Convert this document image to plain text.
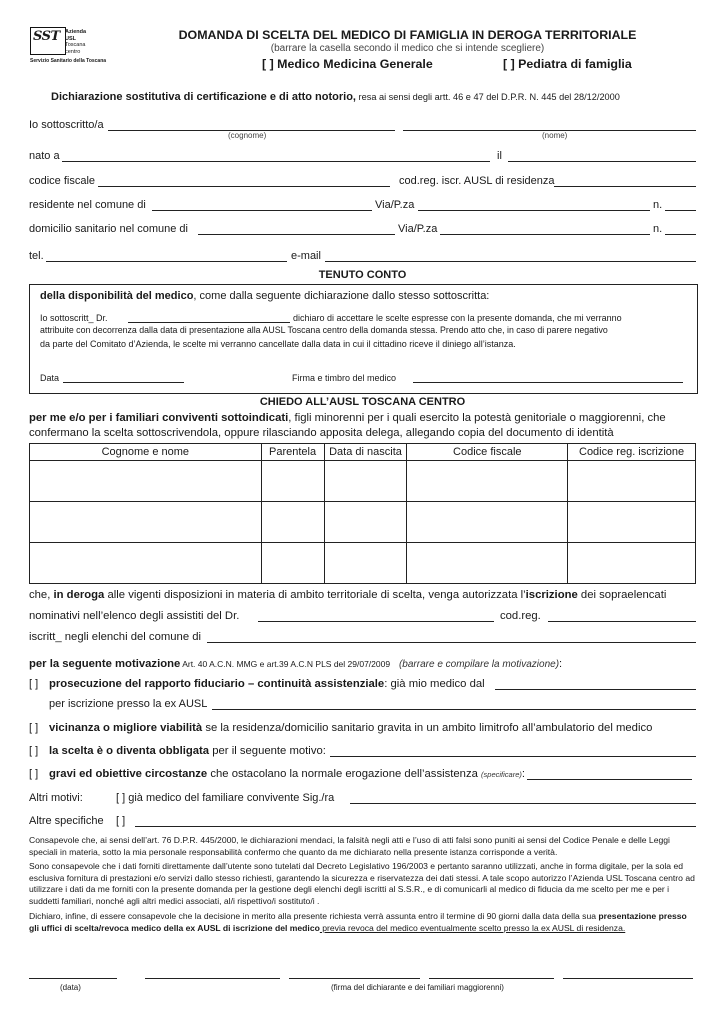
SST Azienda
USL
Toscana
centro
Servizio Sanitario della Toscana
DOMANDA DI SCELTA DEL MEDICO DI FAMIGLIA IN DEROGA TERRITORIALE
(barrare la casella secondo il medico che si intende scegliere)
[ ] Medico Medicina Generale	[ ] Pediatra di famiglia
Dichiarazione sostitutiva di certificazione e di atto notorio, resa ai sensi degli artt. 46 e 47 del D.P.R. N. 445 del 28/12/2000
Io sottoscritto/a
(cognome)	(nome)
nato a	il
codice fiscale	cod.reg. iscr. AUSL di residenza
residente nel comune di	Via/P.za	n.
domicilio sanitario nel comune di	Via/P.za	n.
tel.	e-mail
TENUTO CONTO
della disponibilità del medico, come dalla seguente dichiarazione dallo stesso sottoscritta:
Io sottoscritt_ Dr.	dichiaro di accettare le scelte espresse con la presente domanda, che mi verranno
attribuite con decorrenza dalla data di presentazione alla AUSL Toscana centro della domanda stessa. Prendo atto che, in caso di parere negativo
da parte del Comitato d’Azienda, le scelte mi verranno cancellate dalla data in cui il cittadino riceve il diniego all’istanza.
Data	Firma e timbro del medico
CHIEDO ALL’AUSL TOSCANA CENTRO
per me e/o per i familiari conviventi sottoindicati, figli minorenni per i quali esercito la potestà genitoriale o maggiorenni, che
confermano la scelta sottoscrivendola, oppure rilasciando apposita delega, allegando copia del documento di identità
Cognome e nome	Parentela	Data di nascita	Codice fiscale	Codice reg. iscrizione

che, in deroga alle vigenti disposizioni in materia di ambito territoriale di scelta, venga autorizzata l’iscrizione dei sopraelencati
nominativi nell’elenco degli assistiti del Dr.	cod.reg.
iscritt_ negli elenchi del comune di
per la seguente motivazione Art. 40 A.C.N. MMG e art.39 A.C.N PLS del 29/07/2009 (barrare e compilare la motivazione):
[ ] prosecuzione del rapporto fiduciario – continuità assistenziale: già mio medico dal
per iscrizione presso la ex AUSL
[ ] vicinanza o migliore viabilità se la residenza/domicilio sanitario gravita in un ambito limitrofo all’ambulatorio del medico
[ ] la scelta è o diventa obbligata per il seguente motivo:
[ ] gravi ed obiettive circostanze che ostacolano la normale erogazione dell’assistenza (specificare):
Altri motivi:	[ ] già medico del familiare convivente Sig./ra
Altre specifiche [ ]
Consapevole che, ai sensi dell’art. 76 D.P.R. 445/2000, le dichiarazioni mendaci, la falsità negli atti e l’uso di atti falsi sono puniti ai sensi del Codice Penale e delle Leggi speciali in materia, sotto la mia personale responsabilità confermo che quanto da me dichiarato nella presente istanza corrisponde a verità.
Sono consapevole che i dati forniti direttamente dall’utente sono tutelati dal Decreto Legislativo 196/2003 e pertanto saranno utilizzati, anche in forma digitale, per la sola ed esclusiva fornitura di prestazioni e/o servizi dallo stesso richiesti, garantendo la sicurezza e riservatezza dei dati stessi. A tale scopo autorizzo l’Azienda USL Toscana centro ad utilizzare i dati da me forniti con la presente domanda per la gestione degli elenchi degli iscritti al S.S.R., e di comunicarli al medico di fiducia da me scelto per me e per i suddetti familiari, nonché agli altri medici associati, al/i rispettivo/i sostituto/i .
Dichiaro, infine, di essere consapevole che la decisione in merito alla presente richiesta verrà assunta entro il termine di 90 giorni dalla data della sua presentazione presso gli uffici di scelta/revoca medico della ex AUSL di iscrizione del medico previa revoca del medico eventualmente scelto presso la ex AUSL di residenza.
(data)	(firma del dichiarante e dei familiari maggiorenni)
